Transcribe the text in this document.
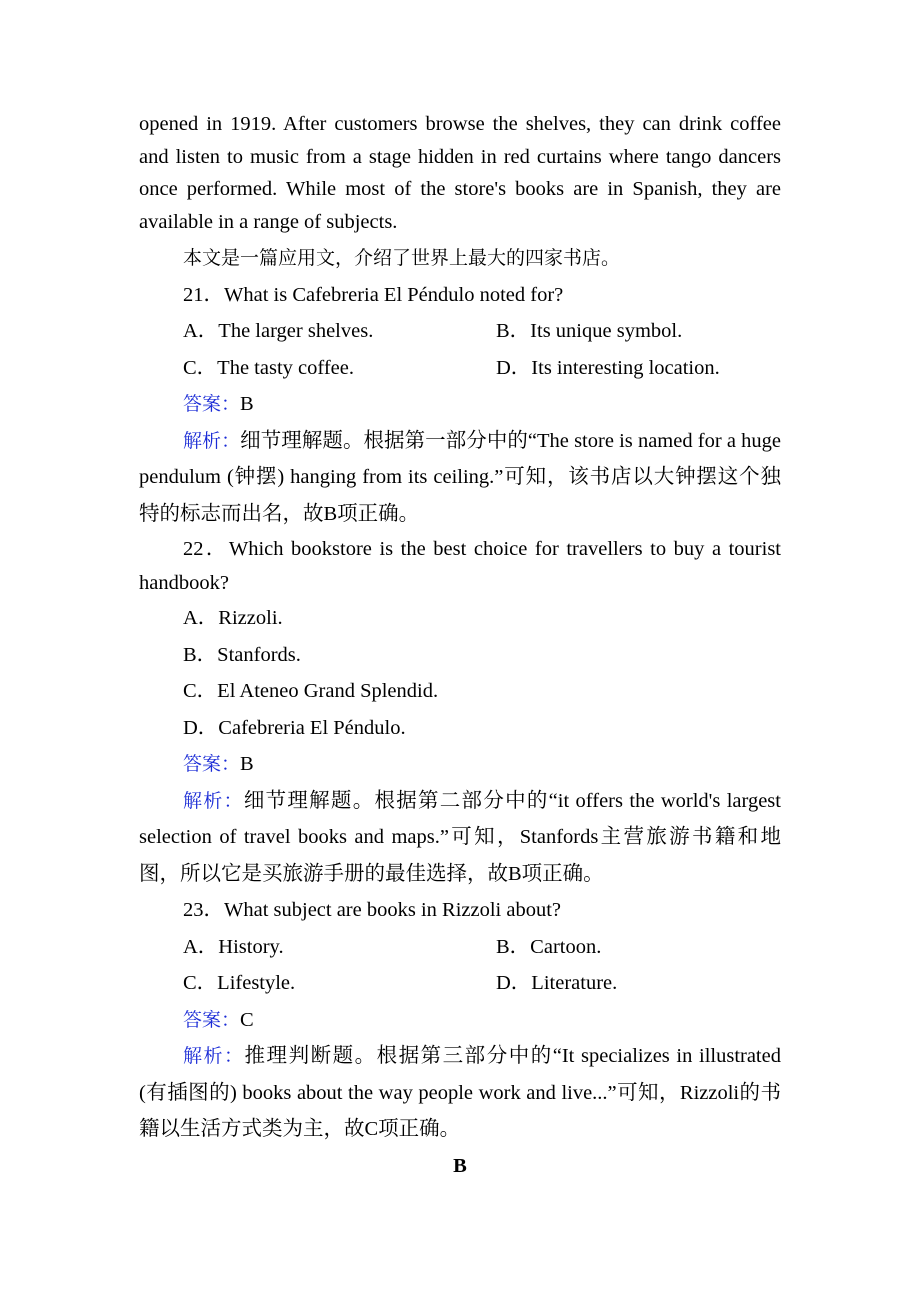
opened in 1919. After customers browse the shelves, they can drink coffee and listen to music from a stage hidden in red curtains where tango dancers once performed. While most of the store's books are in Spanish, they are available in a range of subjects.

本文是一篇应用文，介绍了世界上最大的四家书店。
21．What is Cafebreria El Péndulo noted for?
A．The larger shelves.	B．Its unique symbol.
C．The tasty coffee.	D．Its interesting location.
答案：B

解析：细节理解题。根据第一部分中的“The store is named for a huge pendulum (钟摆) hanging from its ceiling.”可知，该书店以大钟摆这个独特的标志而出名，故B项正确。

22．Which bookstore is the best choice for travellers to buy a tourist handbook?

A．Rizzoli.
B．Stanfords.
C．El Ateneo Grand Splendid.
D．Cafebreria El Péndulo.
答案：B

解析：细节理解题。根据第二部分中的“it offers the world's largest selection of travel books and maps.”可知，Stanfords主营旅游书籍和地图，所以它是买旅游手册的最佳选择，故B项正确。

23．What subject are books in Rizzoli about?
A．History.	B．Cartoon.
C．Lifestyle.	D．Literature.
答案：C

解析：推理判断题。根据第三部分中的“It specializes in illustrated (有插图的) books about the way people work and live...”可知，Rizzoli的书籍以生活方式类为主，故C项正确。

B
